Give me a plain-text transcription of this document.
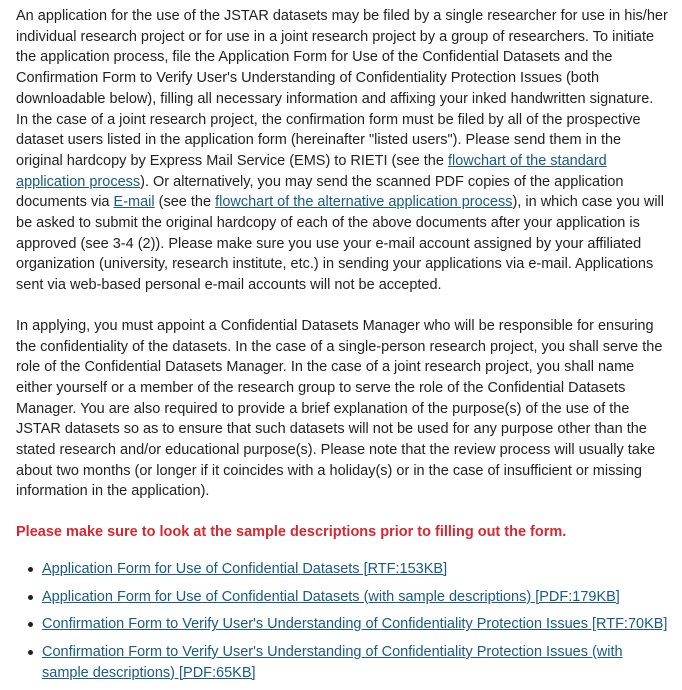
An application for the use of the JSTAR datasets may be filed by a single researcher for use in his/her individual research project or for use in a joint research project by a group of researchers. To initiate the application process, file the Application Form for Use of the Confidential Datasets and the Confirmation Form to Verify User's Understanding of Confidentiality Protection Issues (both downloadable below), filling all necessary information and affixing your inked handwritten signature. In the case of a joint research project, the confirmation form must be filed by all of the prospective dataset users listed in the application form (hereinafter "listed users"). Please send them in the original hardcopy by Express Mail Service (EMS) to RIETI (see the flowchart of the standard application process). Or alternatively, you may send the scanned PDF copies of the application documents via E-mail (see the flowchart of the alternative application process), in which case you will be asked to submit the original hardcopy of each of the above documents after your application is approved (see 3-4 (2)). Please make sure you use your e-mail account assigned by your affiliated organization (university, research institute, etc.) in sending your applications via e-mail. Applications sent via web-based personal e-mail accounts will not be accepted.

In applying, you must appoint a Confidential Datasets Manager who will be responsible for ensuring the confidentiality of the datasets. In the case of a single-person research project, you shall serve the role of the Confidential Datasets Manager. In the case of a joint research project, you shall name either yourself or a member of the research group to serve the role of the Confidential Datasets Manager. You are also required to provide a brief explanation of the purpose(s) of the use of the JSTAR datasets so as to ensure that such datasets will not be used for any purpose other than the stated research and/or educational purpose(s). Please note that the review process will usually take about two months (or longer if it coincides with a holiday(s) or in the case of insufficient or missing information in the application).

Please make sure to look at the sample descriptions prior to filling out the form.

Application Form for Use of Confidential Datasets [RTF:153KB]
Application Form for Use of Confidential Datasets (with sample descriptions) [PDF:179KB]
Confirmation Form to Verify User's Understanding of Confidentiality Protection Issues [RTF:70KB]
Confirmation Form to Verify User's Understanding of Confidentiality Protection Issues (with sample descriptions) [PDF:65KB]
